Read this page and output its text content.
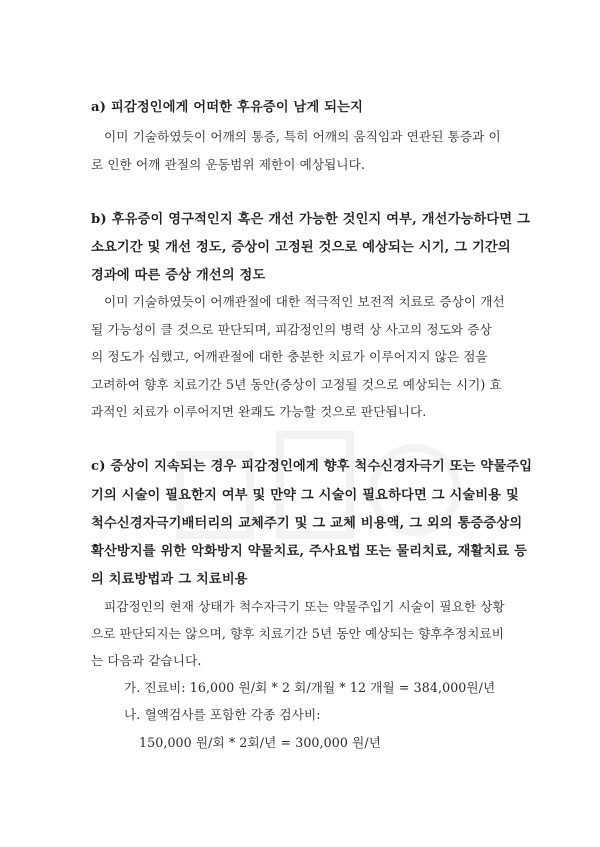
a) 피감정인에게 어떠한 후유증이 남게 되는지
이미 기술하였듯이 어깨의 통증, 특히 어깨의 움직임과 연관된 통증과 이
로 인한 어깨 관절의 운동범위 제한이 예상됩니다.
b) 후유증이 영구적인지 혹은 개선 가능한 것인지 여부, 개선가능하다면 그
소요기간 및 개선 정도, 증상이 고정된 것으로 예상되는 시기, 그 기간의
경과에 따른 증상 개선의 정도
이미 기술하였듯이 어깨관절에 대한 적극적인 보전적 치료로 증상이 개선
될 가능성이 클 것으로 판단되며, 피감정인의 병력 상 사고의 정도와 증상
의 정도가 심했고, 어깨관절에 대한 충분한 치료가 이루어지지 않은 점을
고려하여 향후 치료기간 5년 동안(증상이 고정될 것으로 예상되는 시기) 효
과적인 치료가 이루어지면 완쾌도 가능할 것으로 판단됩니다.
c) 증상이 지속되는 경우 피감정인에게 향후 척수신경자극기 또는 약물주입
기의 시술이 필요한지 여부 및 만약 그 시술이 필요하다면 그 시술비용 및
척수신경자극기배터리의 교체주기 및 그 교체 비용액, 그 외의 통증증상의
확산방지를 위한 악화방지 약물치료, 주사요법 또는 물리치료, 재활치료 등
의 치료방법과 그 치료비용
피감정인의 현재 상태가 척수자극기 또는 약물주입기 시술이 필요한 상황
으로 판단되지는 않으며, 향후 치료기간 5년 동안 예상되는 향후추정치료비
는 다음과 같습니다.
가. 진료비: 16,000 원/회 * 2 회/개월 * 12 개월 = 384,000원/년
나. 혈액검사를 포함한 각종 검사비:
150,000 원/회 * 2회/년 = 300,000 원/년
